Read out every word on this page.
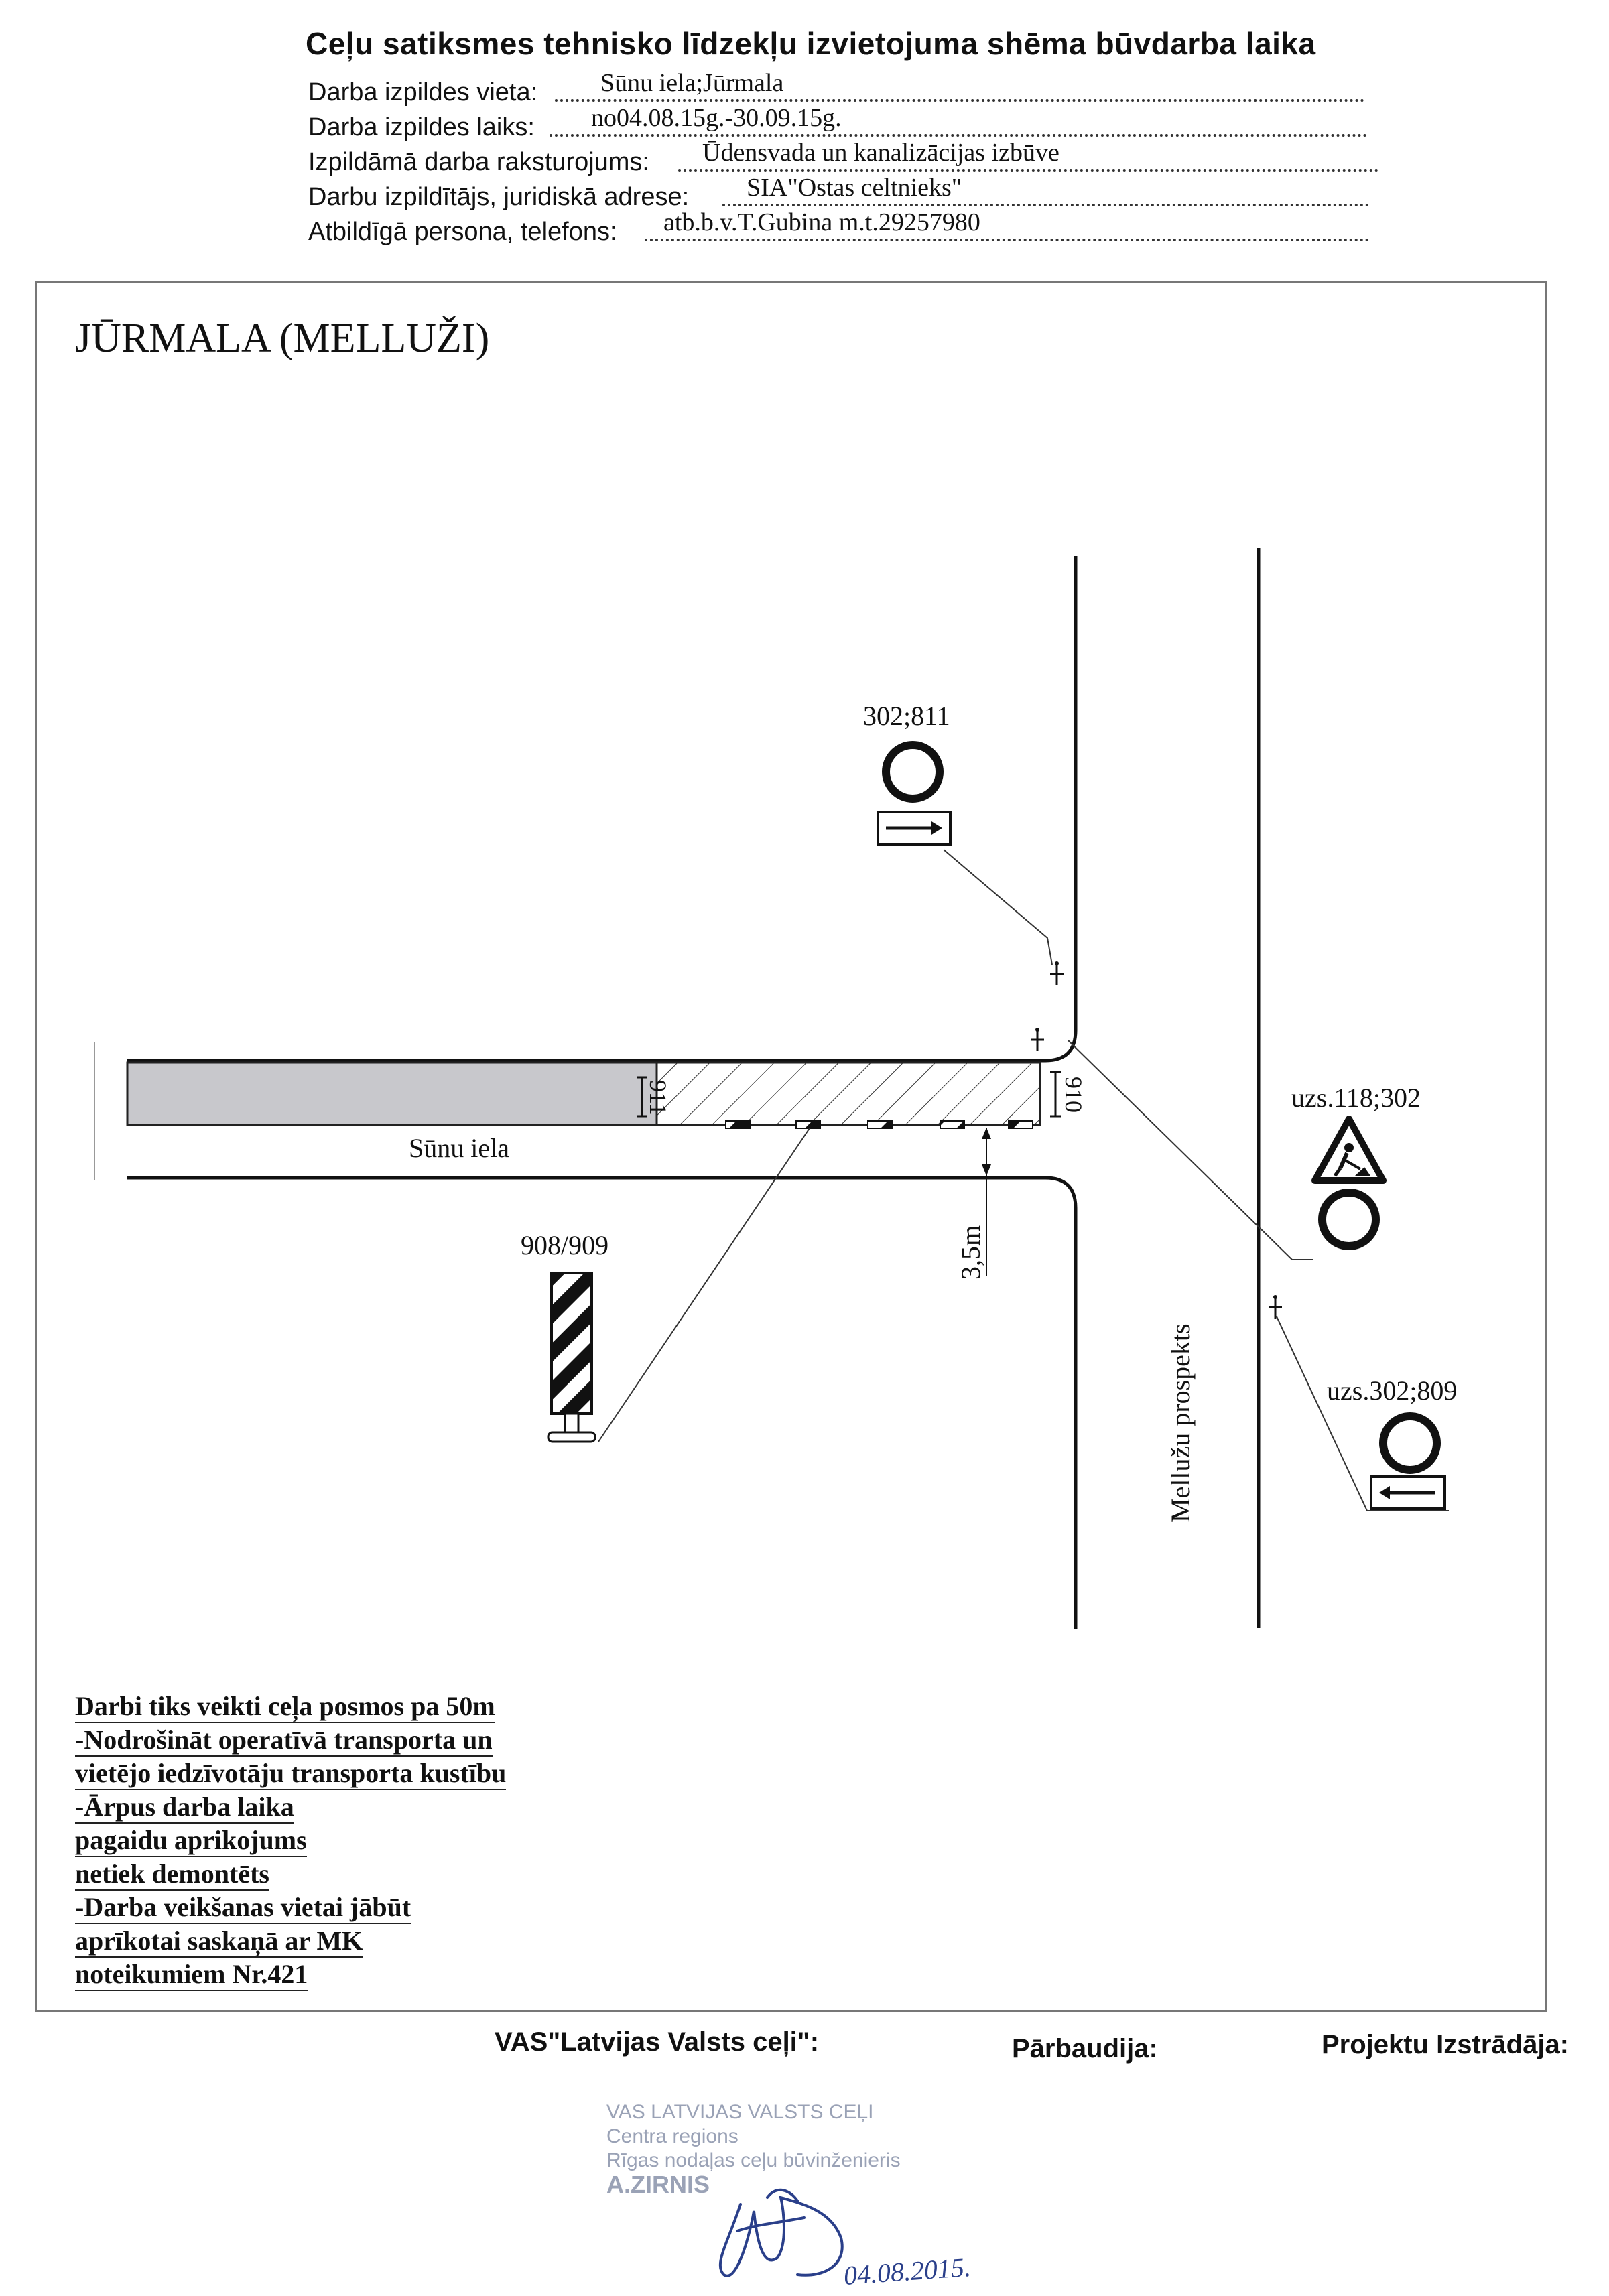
Ceļu satiksmes tehnisko līdzekļu izvietojuma shēma būvdarba laika
Darba izpildes vieta: Sūnu iela;Jūrmala
Darba izpildes laiks: no04.08.15g.-30.09.15g.
Izpildāmā darba raksturojums: Ūdensvada un kanalizācijas izbūve
Darbu izpildītājs, juridiskā adrese: SIA"Ostas celtnieks"
Atbildīgā persona, telefons: atb.b.v.T.Gubina m.t.29257980
JŪRMALA (MELLUŽI)
911	910
3,5m
Sūnu iela
Mellužu prospekts
302;811
uzs.118;302
uzs.302;809
908/909
04.08.2015.
Darbi tiks veikti ceļa posmos pa 50m
-Nodrošināt operatīvā transporta un
vietējo iedzīvotāju transporta kustību
-Ārpus darba laika
pagaidu aprikojums
netiek demontēts
-Darba veikšanas vietai jābūt
aprīkotai saskaņā ar MK
noteikumiem Nr.421
VAS"Latvijas Valsts ceļi":	Pārbaudija:	Projektu Izstrādāja:
VAS LATVIJAS VALSTS CEĻI
Centra regions
Rīgas nodaļas ceļu būvinženieris
A.ZIRNIS
